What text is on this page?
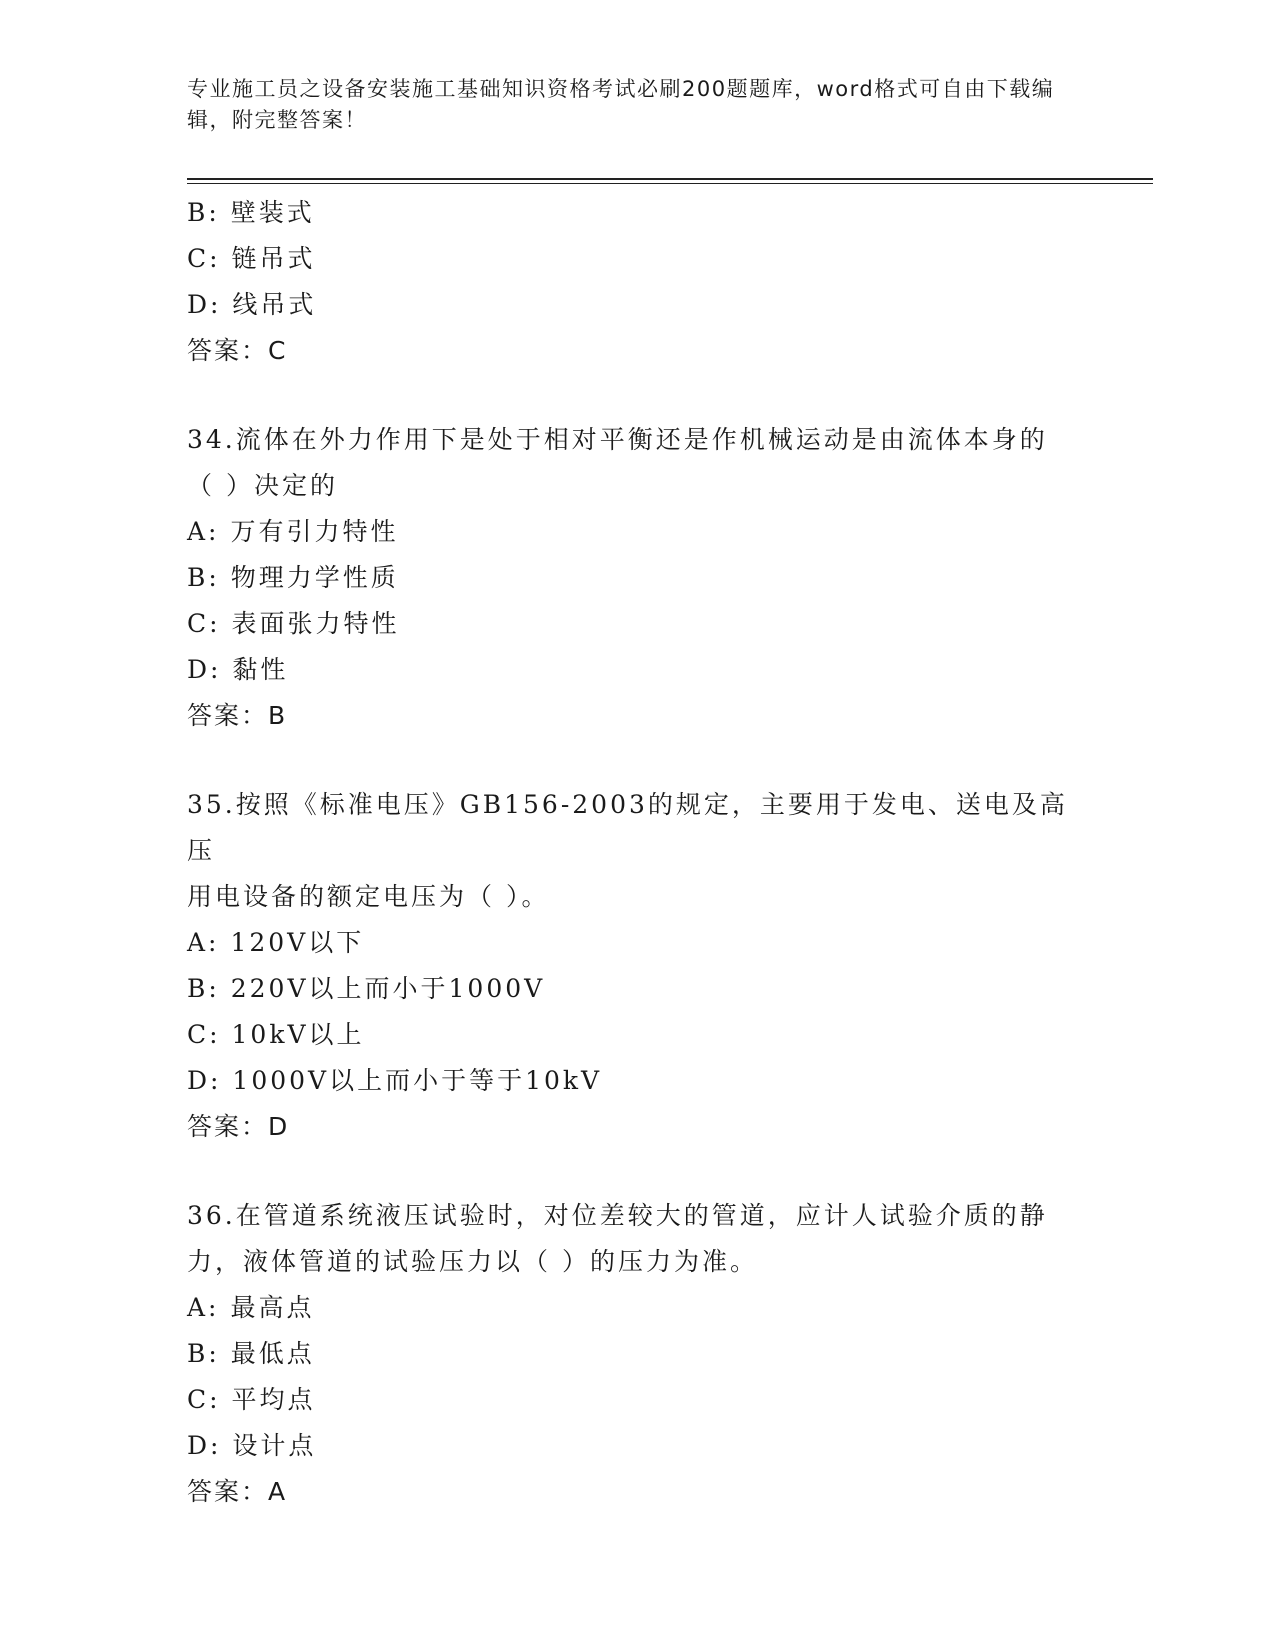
专业施工员之设备安装施工基础知识资格考试必刷200题题库，word格式可自由下载编辑，附完整答案！
B: 壁装式
C: 链吊式
D: 线吊式
答案：C
34.流体在外力作用下是处于相对平衡还是作机械运动是由流体本身的
（ ）决定的
A: 万有引力特性
B: 物理力学性质
C: 表面张力特性
D: 黏性
答案：B
35.按照《标准电压》GB156-2003的规定，主要用于发电、送电及高压
用电设备的额定电压为（ ）。
A: 120V以下
B: 220V以上而小于1000V
C: 10kV以上
D: 1000V以上而小于等于10kV
答案：D
36.在管道系统液压试验时，对位差较大的管道，应计人试验介质的静
力，液体管道的试验压力以（ ）的压力为准。
A: 最高点
B: 最低点
C: 平均点
D: 设计点
答案：A
